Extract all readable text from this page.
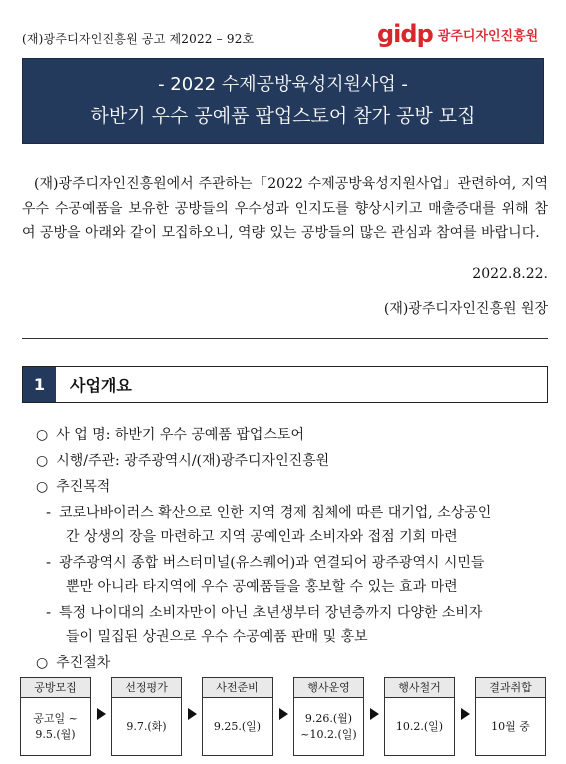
(재)광주디자인진흥원 공고 제2022 – 92호	gidp 광주디자인진흥원
- 2022 수제공방육성지원사업 -
하반기 우수 공예품 팝업스토어 참가 공방 모집

(재)광주디자인진흥원에서 주관하는「2022 수제공방육성지원사업」관련하여, 지역 우수 수공예품을 보유한 공방들의 우수성과 인지도를 향상시키고 매출증대를 위해 참여 공방을 아래와 같이 모집하오니, 역량 있는 공방들의 많은 관심과 참여를 바랍니다.

2022.8.22.
(재)광주디자인진흥원 원장
1	사업개요
○ 사 업 명: 하반기 우수 공예품 팝업스토어
○ 시행/주관: 광주광역시/(재)광주디자인진흥원
○ 추진목적
- 코로나바이러스 확산으로 인한 지역 경제 침체에 따른 대기업, 소상공인
간 상생의 장을 마련하고 지역 공예인과 소비자와 접점 기회 마련
- 광주광역시 종합 버스터미널(유스퀘어)과 연결되어 광주광역시 시민들
뿐만 아니라 타지역에 우수 공예품들을 홍보할 수 있는 효과 마련
- 특정 나이대의 소비자만이 아닌 초년생부터 장년층까지 다양한 소비자
들이 밀집된 상권으로 우수 수공예품 판매 및 홍보
○ 추진절차
공방모집
공고일 ~
9.5.(월)
선정평가
9.7.(화)
사전준비
9.25.(일)
행사운영
9.26.(월)
~10.2.(일)
행사철거
10.2.(일)
결과취합
10월 중
